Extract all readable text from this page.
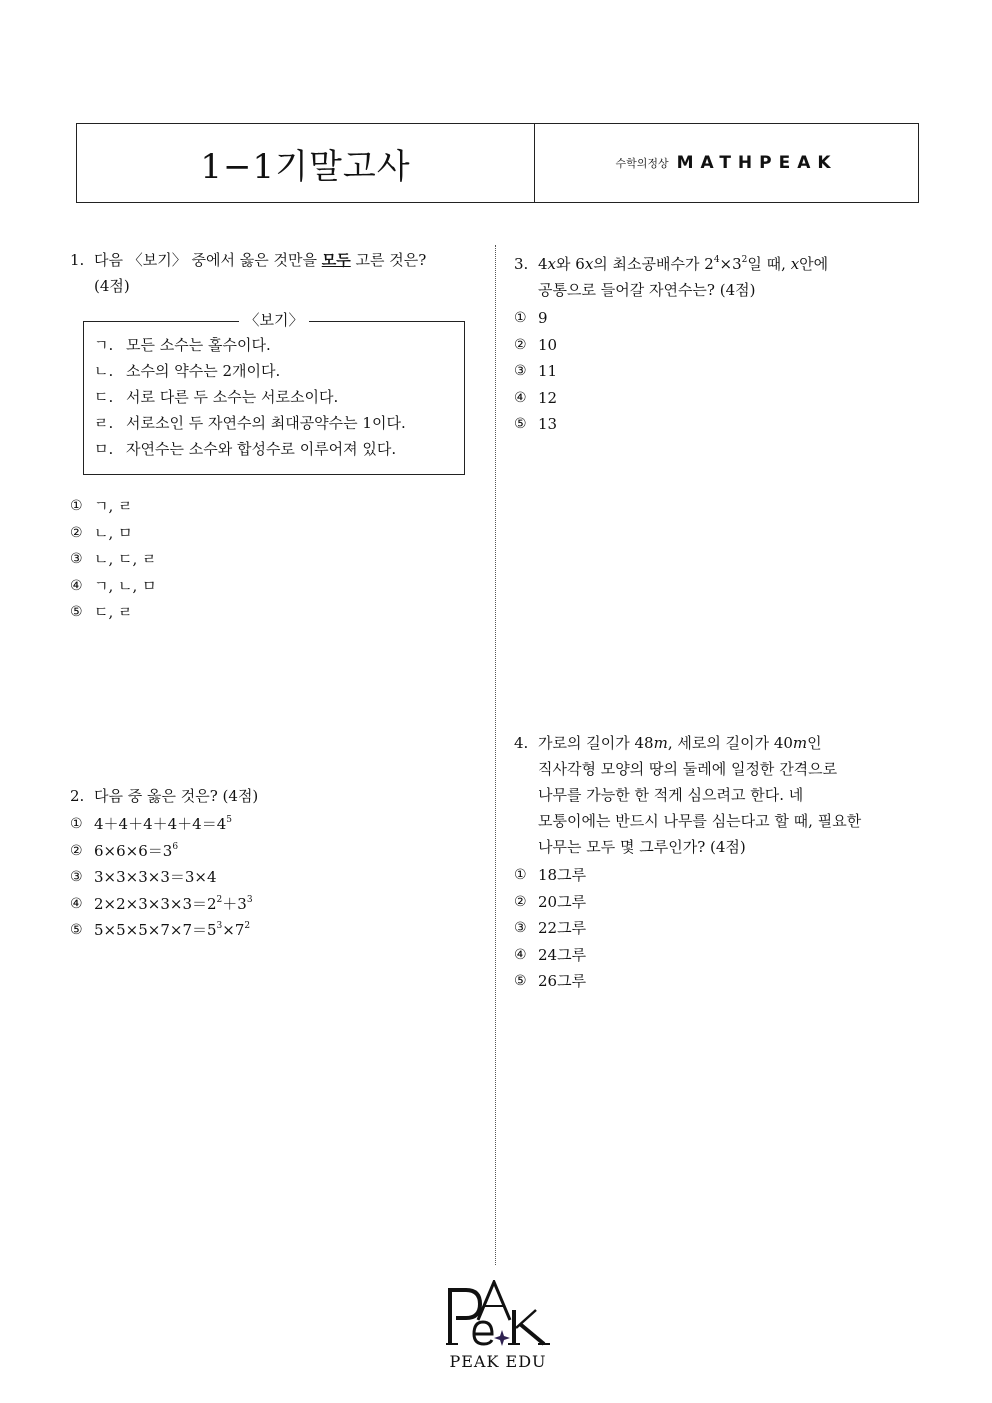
1−1기말고사	수학의정상 MATHPEAK
1. 다음 〈보기〉 중에서 옳은 것만을 모두 고른 것은?
(4점)
〈보기〉
ㄱ. 모든 소수는 홀수이다.
ㄴ. 소수의 약수는 2개이다.
ㄷ. 서로 다른 두 소수는 서로소이다.
ㄹ. 서로소인 두 자연수의 최대공약수는 1이다.
ㅁ. 자연수는 소수와 합성수로 이루어져 있다.
① ㄱ, ㄹ
② ㄴ, ㅁ
③ ㄴ, ㄷ, ㄹ
④ ㄱ, ㄴ, ㅁ
⑤ ㄷ, ㄹ
2. 다음 중 옳은 것은? (4점)
① $4+4+4+4+4=4^5$
② $6\times 6\times 6=3^6$
③ 3×3×3×3＝3×4
④ $2\times 2\times 3\times 3\times 3=2^2+3^3$
⑤ $5\times 5\times 5\times 7\times 7=5^3\times 7^2$
3. 4x와 6x의 최소공배수가 $2^4\times 3^2$일 때, x안에
공통으로 들어갈 자연수는? (4점)
① 9
② 10
③ 11
④ 12
⑤ 13
4. 가로의 길이가 48m, 세로의 길이가 40m인
직사각형 모양의 땅의 둘레에 일정한 간격으로
나무를 가능한 한 적게 심으려고 한다. 네
모퉁이에는 반드시 나무를 심는다고 할 때, 필요한
나무는 모두 몇 그루인가? (4점)
① 18그루
② 20그루
③ 22그루
④ 24그루
⑤ 26그루
PEAK EDU
